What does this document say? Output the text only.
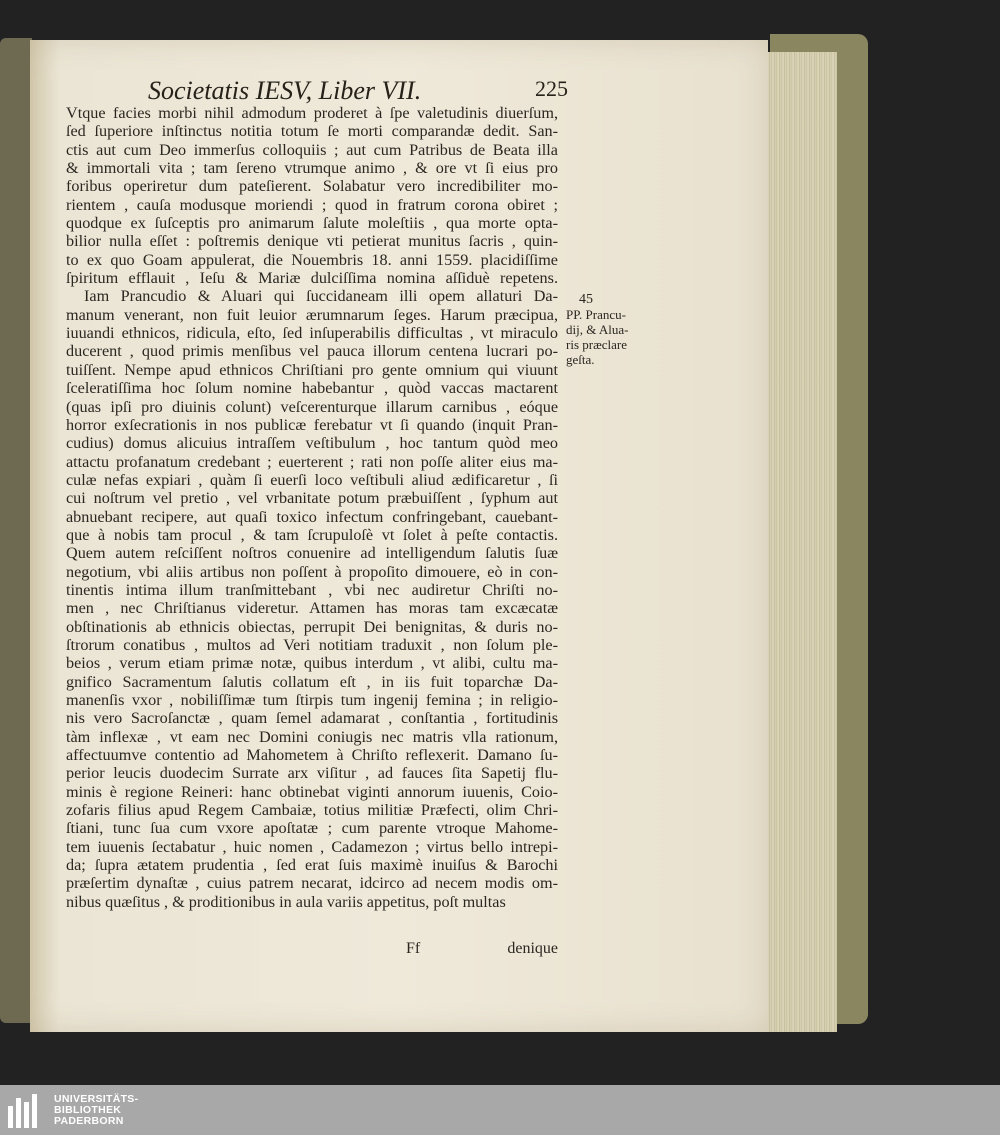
Societatis IESV, Liber VII.	225
Vtque facies morbi nihil admodum proderet à ſpe valetudinis diuerſum,
ſed ſuperiore inſtinctus notitia totum ſe morti comparandæ dedit. San-
ctis aut cum Deo immerſus colloquiis ; aut cum Patribus de Beata illa
& immortali vita ; tam ſereno vtrumque animo , & ore vt ſi eius pro
foribus operiretur dum pateſierent. Solabatur vero incredibiliter mo-
rientem , cauſa modusque moriendi ; quod in fratrum corona obiret ;
quodque ex ſuſceptis pro animarum ſalute moleſtiis , qua morte opta-
bilior nulla eſſet : poſtremis denique vti petierat munitus ſacris , quin-
to ex quo Goam appulerat, die Nouembris 18. anni 1559. placidiſſime
ſpiritum efflauit , Ieſu & Mariæ dulciſſima nomina aſſiduè repetens.
Iam Prancudio & Aluari qui ſuccidaneam illi opem allaturi Da-
manum venerant, non fuit leuior ærumnarum ſeges. Harum præcipua,
iuuandi ethnicos, ridicula, eſto, ſed inſuperabilis difficultas , vt miraculo
ducerent , quod primis menſibus vel pauca illorum centena lucrari po-
tuiſſent. Nempe apud ethnicos Chriſtiani pro gente omnium qui viuunt
ſceleratiſſima hoc ſolum nomine habebantur , quòd vaccas mactarent
(quas ipſi pro diuinis colunt) veſcerenturque illarum carnibus , eóque
horror exſecrationis in nos publicæ ferebatur vt ſi quando (inquit Pran-
cudius) domus alicuius intraſſem veſtibulum , hoc tantum quòd meo
attactu profanatum credebant ; euerterent ; rati non poſſe aliter eius ma-
culæ nefas expiari , quàm ſi euerſi loco veſtibuli aliud ædificaretur , ſi
cui noſtrum vel pretio , vel vrbanitate potum præbuiſſent , ſyphum aut
abnuebant recipere, aut quaſi toxico infectum confringebant, cauebant-
que à nobis tam procul , & tam ſcrupuloſè vt ſolet à peſte contactis.
Quem autem reſciſſent noſtros conuenire ad intelligendum ſalutis ſuæ
negotium, vbi aliis artibus non poſſent à propoſito dimouere, eò in con-
tinentis intima illum tranſmittebant , vbi nec audiretur Chriſti no-
men , nec Chriſtianus videretur. Attamen has moras tam excæcatæ
obſtinationis ab ethnicis obiectas, perrupit Dei benignitas, & duris no-
ſtrorum conatibus , multos ad Veri notitiam traduxit , non ſolum ple-
beios , verum etiam primæ notæ, quibus interdum , vt alibi, cultu ma-
gnifico Sacramentum ſalutis collatum eſt , in iis fuit toparchæ Da-
manenſis vxor , nobiliſſimæ tum ſtirpis tum ingenij femina ; in religio-
nis vero Sacroſanctæ , quam ſemel adamarat , conſtantia , fortitudinis
tàm inflexæ , vt eam nec Domini coniugis nec matris vlla rationum,
affectuumve contentio ad Mahometem à Chriſto reflexerit. Damano ſu-
perior leucis duodecim Surrate arx viſitur , ad fauces ſita Sapetij flu-
minis è regione Reineri: hanc obtinebat viginti annorum iuuenis, Coio-
zofaris filius apud Regem Cambaiæ, totius militiæ Præfecti, olim Chri-
ſtiani, tunc ſua cum vxore apoſtatæ ; cum parente vtroque Mahome-
tem iuuenis ſectabatur , huic nomen , Cadamezon ; virtus bello intrepi-
da; ſupra ætatem prudentia , ſed erat ſuis maximè inuiſus & Barochi
præſertim dynaſtæ , cuius patrem necarat, idcirco ad necem modis om-
nibus quæſitus , & proditionibus in aula variis appetitus, poſt multas
45
PP. Prancu-
dij, & Alua-
ris præclare
geſta.
Ff	denique
UNIVERSITÄTS-
BIBLIOTHEK
PADERBORN
